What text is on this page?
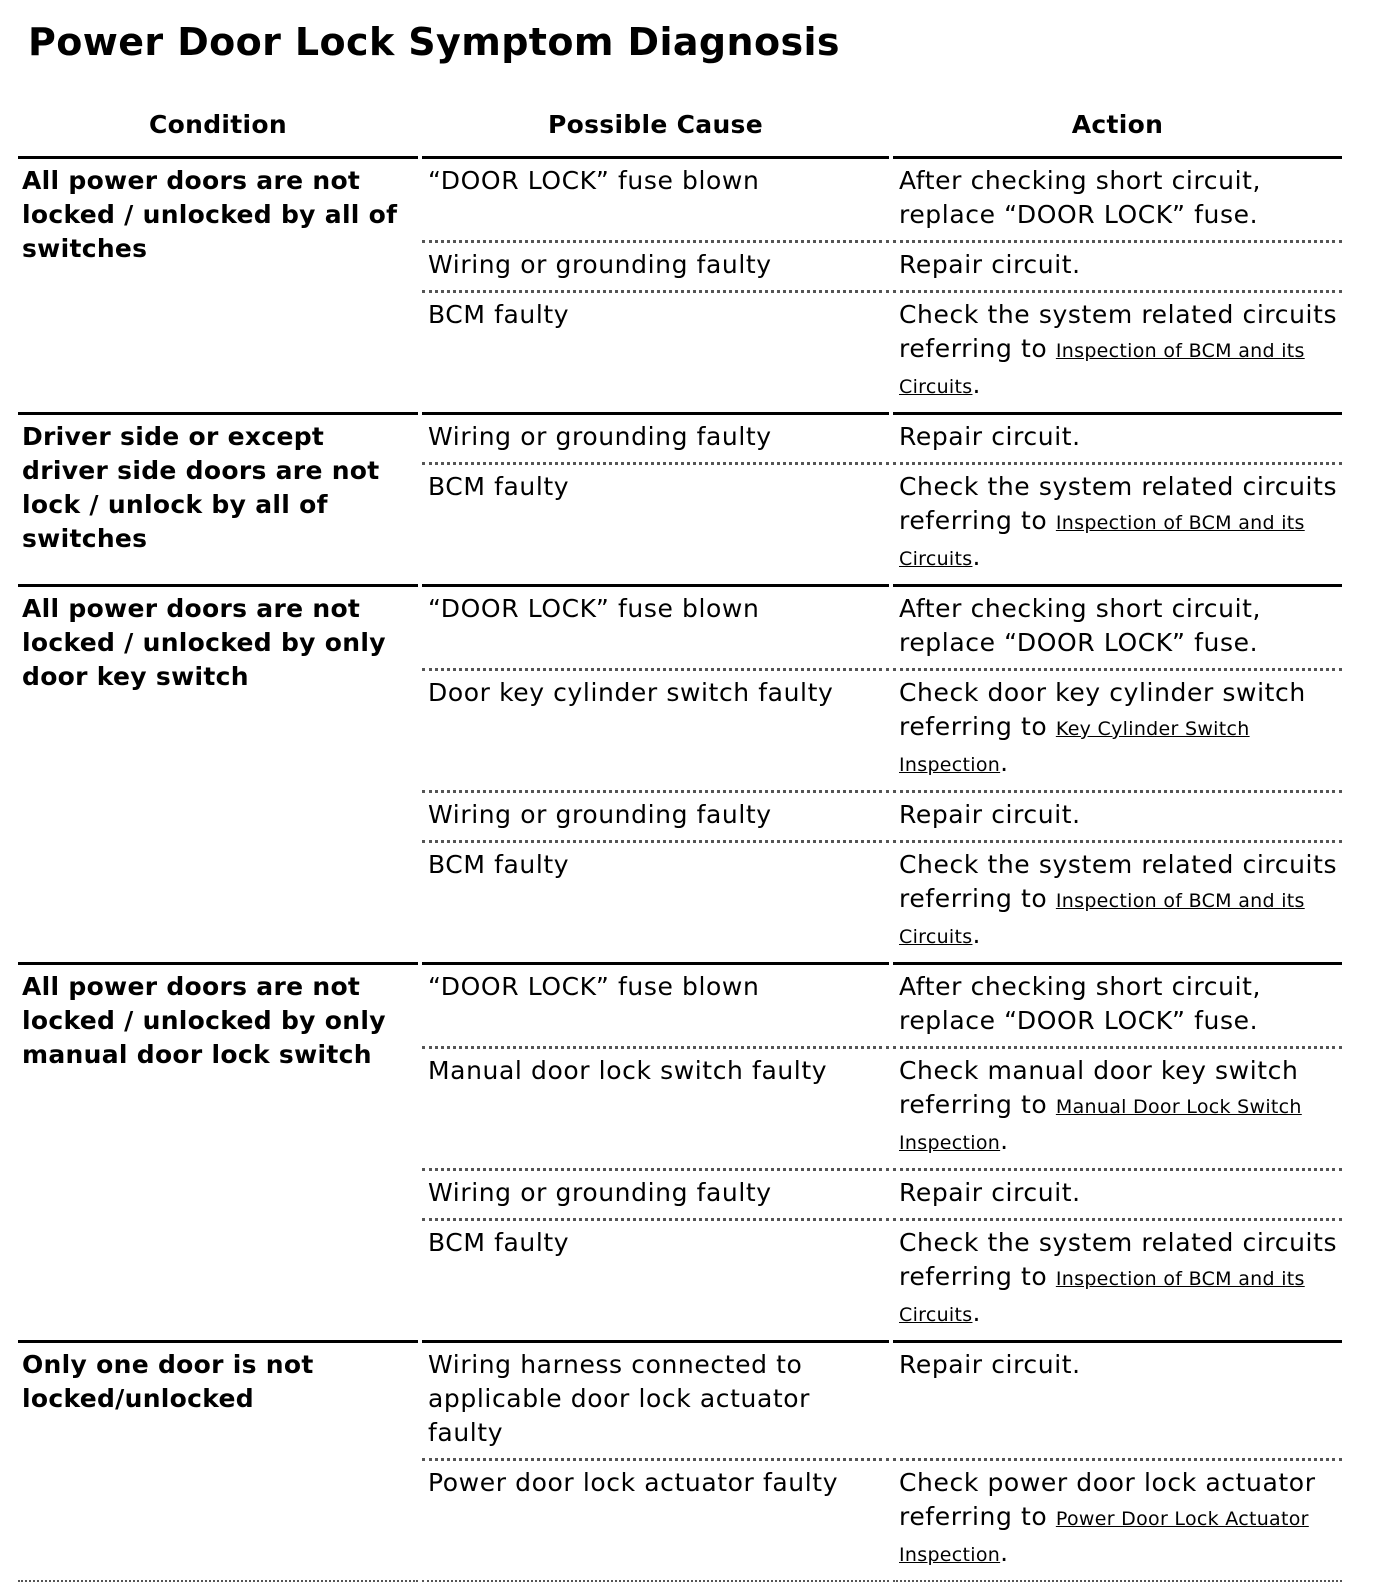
Power Door Lock Symptom Diagnosis
Condition	Possible Cause	Action
All power doors are not locked / unlocked by all of switches	“DOOR LOCK” fuse blown	After checking short circuit, replace “DOOR LOCK” fuse.
	Wiring or grounding faulty	Repair circuit.
	BCM faulty	Check the system related circuits referring to Inspection of BCM and its Circuits.
Driver side or except driver side doors are not lock / unlock by all of switches	Wiring or grounding faulty	Repair circuit.
	BCM faulty	Check the system related circuits referring to Inspection of BCM and its Circuits.
All power doors are not locked / unlocked by only door key switch	“DOOR LOCK” fuse blown	After checking short circuit, replace “DOOR LOCK” fuse.
	Door key cylinder switch faulty	Check door key cylinder switch referring to Key Cylinder Switch Inspection.
	Wiring or grounding faulty	Repair circuit.
	BCM faulty	Check the system related circuits referring to Inspection of BCM and its Circuits.
All power doors are not locked / unlocked by only manual door lock switch	“DOOR LOCK” fuse blown	After checking short circuit, replace “DOOR LOCK” fuse.
	Manual door lock switch faulty	Check manual door key switch referring to Manual Door Lock Switch Inspection.
	Wiring or grounding faulty	Repair circuit.
	BCM faulty	Check the system related circuits referring to Inspection of BCM and its Circuits.
Only one door is not locked/unlocked	Wiring harness connected to applicable door lock actuator faulty	Repair circuit.
	Power door lock actuator faulty	Check power door lock actuator referring to Power Door Lock Actuator Inspection.
